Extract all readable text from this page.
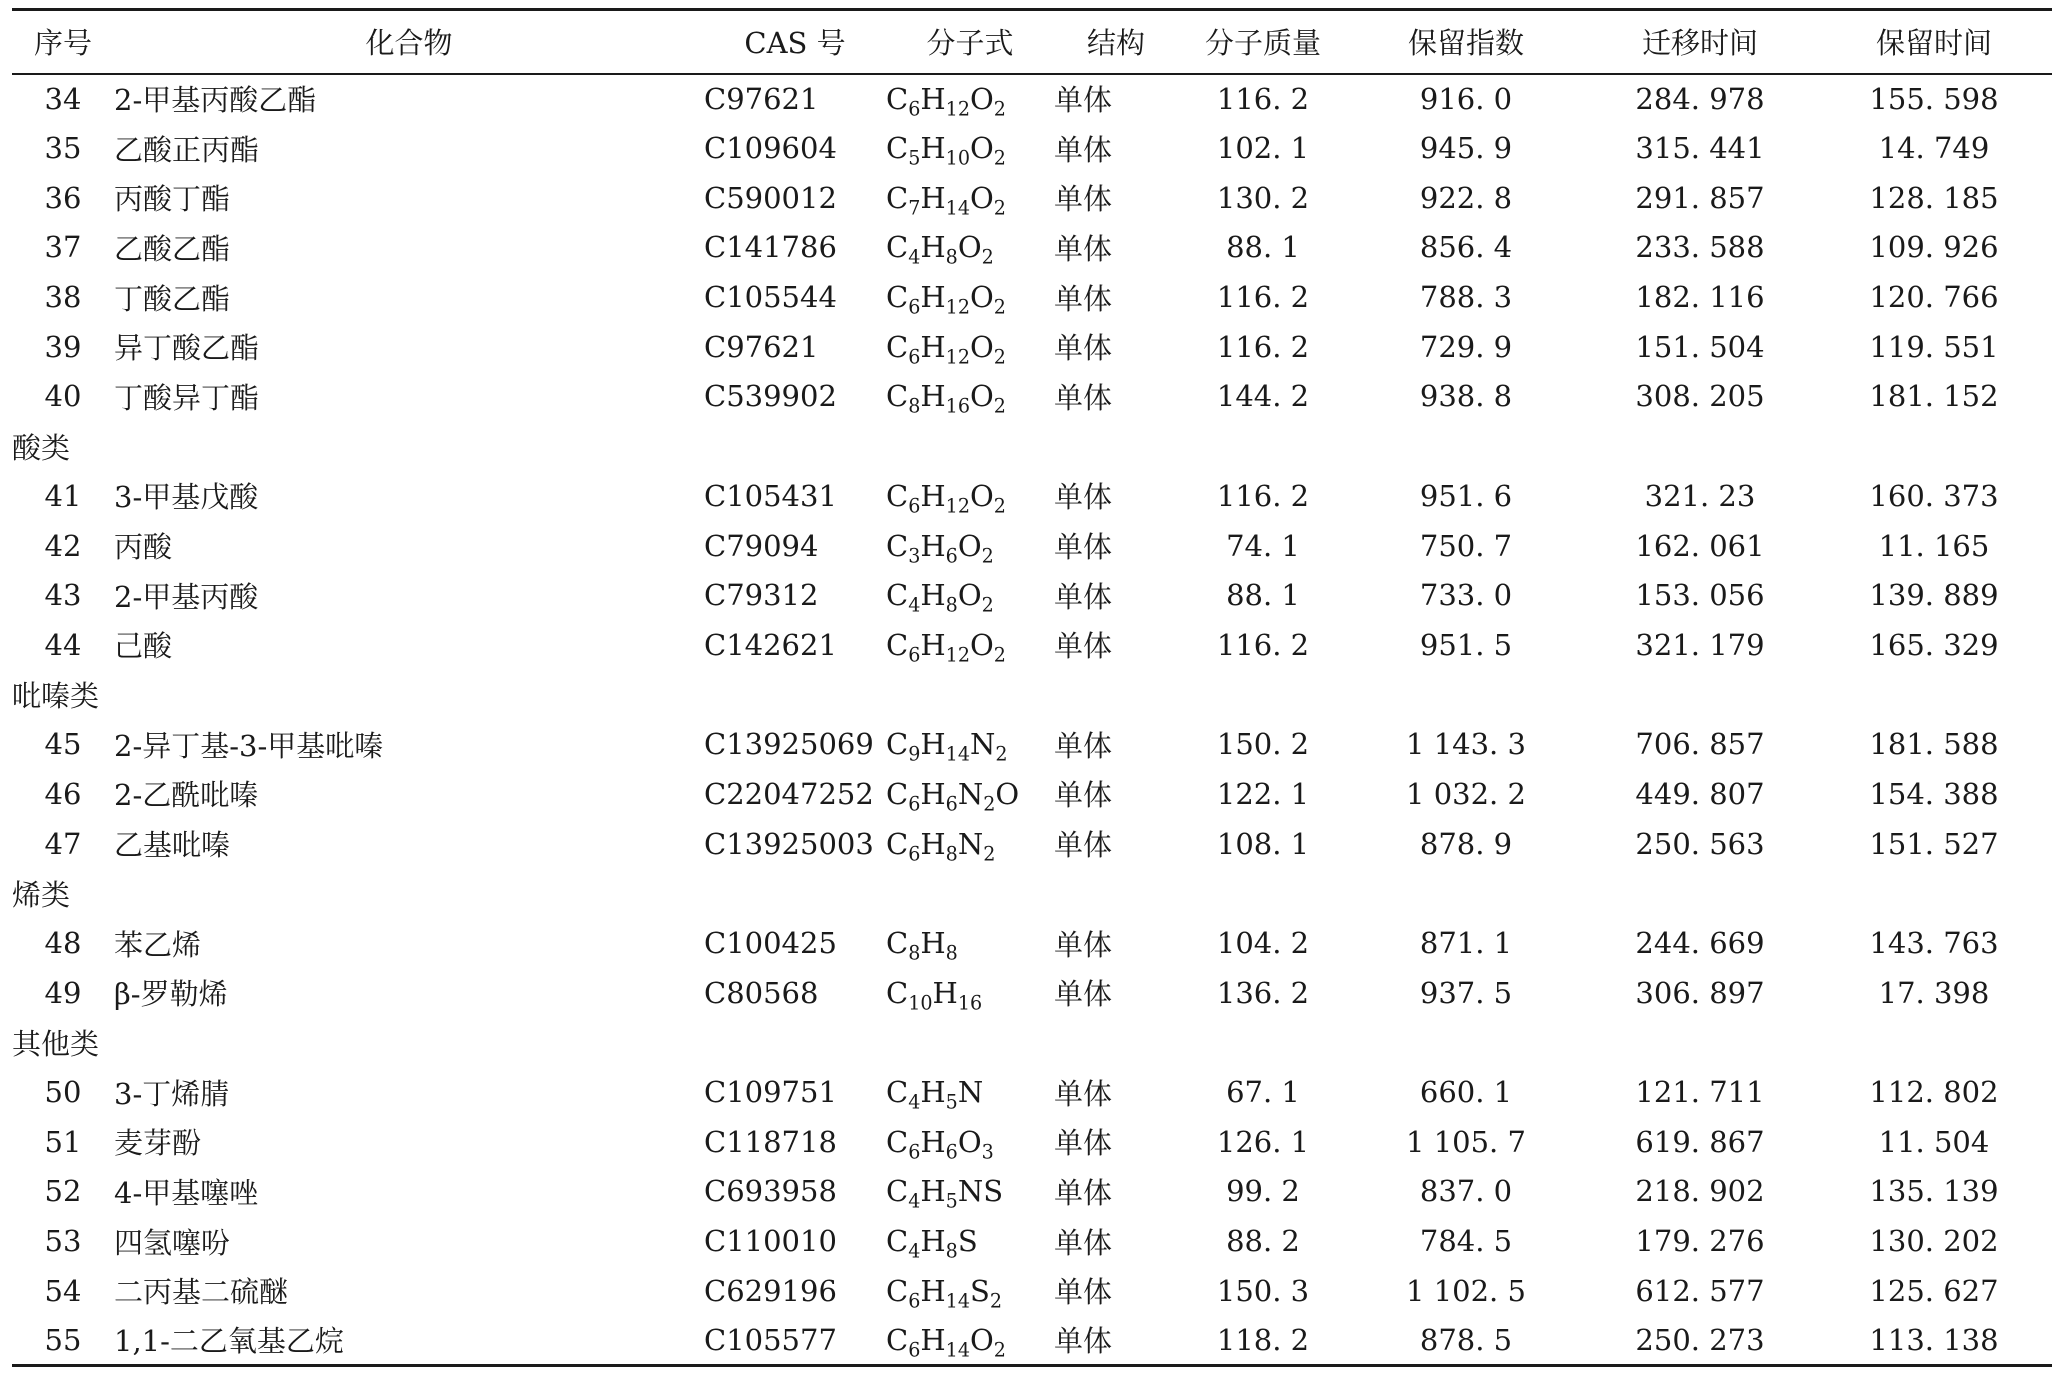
序号	化合物	CAS 号	分子式	结构	分子质量	保留指数	迁移时间	保留时间
34	2-甲基丙酸乙酯	C97621	$C_6H_{12}O_2$	单体	116. 2	916. 0	284. 978	155. 598
35	乙酸正丙酯	C109604	$C_5H_{10}O_2$	单体	102. 1	945. 9	315. 441	14. 749
36	丙酸丁酯	C590012	$C_7H_{14}O_2$	单体	130. 2	922. 8	291. 857	128. 185
37	乙酸乙酯	C141786	$C_4H_8O_2$	单体	88. 1	856. 4	233. 588	109. 926
38	丁酸乙酯	C105544	$C_6H_{12}O_2$	单体	116. 2	788. 3	182. 116	120. 766
39	异丁酸乙酯	C97621	$C_6H_{12}O_2$	单体	116. 2	729. 9	151. 504	119. 551
40	丁酸异丁酯	C539902	$C_8H_{16}O_2$	单体	144. 2	938. 8	308. 205	181. 152
酸类								
41	3-甲基戊酸	C105431	$C_6H_{12}O_2$	单体	116. 2	951. 6	321. 23	160. 373
42	丙酸	C79094	$C_3H_6O_2$	单体	74. 1	750. 7	162. 061	11. 165
43	2-甲基丙酸	C79312	$C_4H_8O_2$	单体	88. 1	733. 0	153. 056	139. 889
44	己酸	C142621	$C_6H_{12}O_2$	单体	116. 2	951. 5	321. 179	165. 329
吡嗪类								
45	2-异丁基-3-甲基吡嗪	C13925069	$C_9H_{14}N_2$	单体	150. 2	1 143. 3	706. 857	181. 588
46	2-乙酰吡嗪	C22047252	$C_6H_6N_2O$	单体	122. 1	1 032. 2	449. 807	154. 388
47	乙基吡嗪	C13925003	$C_6H_8N_2$	单体	108. 1	878. 9	250. 563	151. 527
烯类								
48	苯乙烯	C100425	$C_8H_8$	单体	104. 2	871. 1	244. 669	143. 763
49	β-罗勒烯	C80568	$C_{10}H_{16}$	单体	136. 2	937. 5	306. 897	17. 398
其他类								
50	3-丁烯腈	C109751	$C_4H_5N$	单体	67. 1	660. 1	121. 711	112. 802
51	麦芽酚	C118718	$C_6H_6O_3$	单体	126. 1	1 105. 7	619. 867	11. 504
52	4-甲基噻唑	C693958	$C_4H_5NS$	单体	99. 2	837. 0	218. 902	135. 139
53	四氢噻吩	C110010	$C_4H_8S$	单体	88. 2	784. 5	179. 276	130. 202
54	二丙基二硫醚	C629196	$C_6H_{14}S_2$	单体	150. 3	1 102. 5	612. 577	125. 627
55	1,1-二乙氧基乙烷	C105577	$C_6H_{14}O_2$	单体	118. 2	878. 5	250. 273	113. 138
